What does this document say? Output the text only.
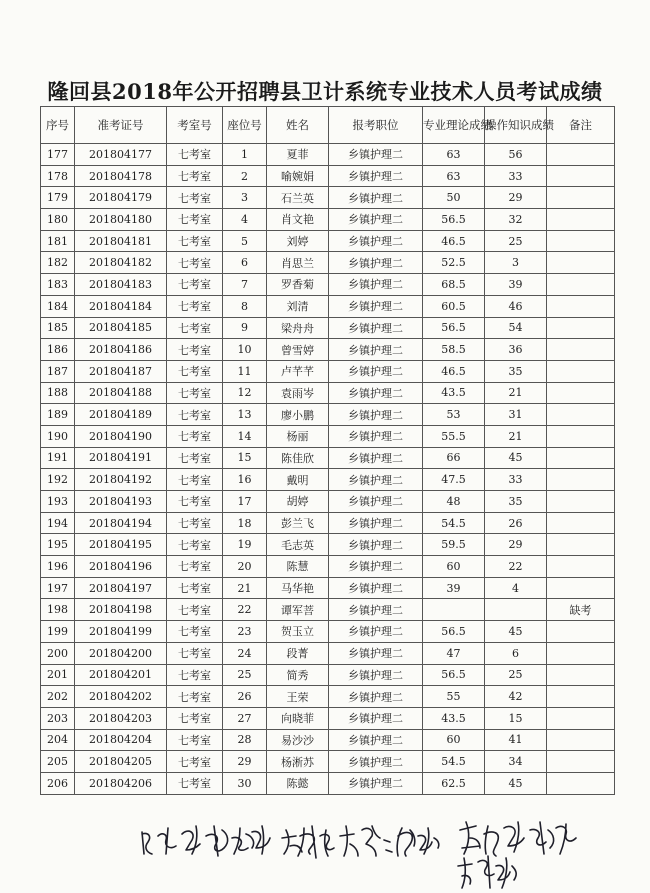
隆回县2018年公开招聘县卫计系统专业技术人员考试成绩
序号	准考证号	考室号	座位号	姓名	报考职位	专业理论成绩	操作知识成绩	备注
177	201804177	七考室	1	夏菲	乡镇护理二	63	56	
178	201804178	七考室	2	喻婉娟	乡镇护理二	63	33	
179	201804179	七考室	3	石兰英	乡镇护理二	50	29	
180	201804180	七考室	4	肖文艳	乡镇护理二	56.5	32	
181	201804181	七考室	5	刘婷	乡镇护理二	46.5	25	
182	201804182	七考室	6	肖思兰	乡镇护理二	52.5	3	
183	201804183	七考室	7	罗香菊	乡镇护理二	68.5	39	
184	201804184	七考室	8	刘清	乡镇护理二	60.5	46	
185	201804185	七考室	9	梁舟舟	乡镇护理二	56.5	54	
186	201804186	七考室	10	曾雪婷	乡镇护理二	58.5	36	
187	201804187	七考室	11	卢芊芊	乡镇护理二	46.5	35	
188	201804188	七考室	12	袁雨岑	乡镇护理二	43.5	21	
189	201804189	七考室	13	廖小鹏	乡镇护理二	53	31	
190	201804190	七考室	14	杨丽	乡镇护理二	55.5	21	
191	201804191	七考室	15	陈佳欣	乡镇护理二	66	45	
192	201804192	七考室	16	戴明	乡镇护理二	47.5	33	
193	201804193	七考室	17	胡婷	乡镇护理二	48	35	
194	201804194	七考室	18	彭兰飞	乡镇护理二	54.5	26	
195	201804195	七考室	19	毛志英	乡镇护理二	59.5	29	
196	201804196	七考室	20	陈慧	乡镇护理二	60	22	
197	201804197	七考室	21	马华艳	乡镇护理二	39	4	
198	201804198	七考室	22	谭军菩	乡镇护理二			缺考
199	201804199	七考室	23	贺玉立	乡镇护理二	56.5	45	
200	201804200	七考室	24	段菁	乡镇护理二	47	6	
201	201804201	七考室	25	简秀	乡镇护理二	56.5	25	
202	201804202	七考室	26	王荣	乡镇护理二	55	42	
203	201804203	七考室	27	向晓菲	乡镇护理二	43.5	15	
204	201804204	七考室	28	易沙沙	乡镇护理二	60	41	
205	201804205	七考室	29	杨淅苏	乡镇护理二	54.5	34	
206	201804206	七考室	30	陈懿	乡镇护理二	62.5	45	
